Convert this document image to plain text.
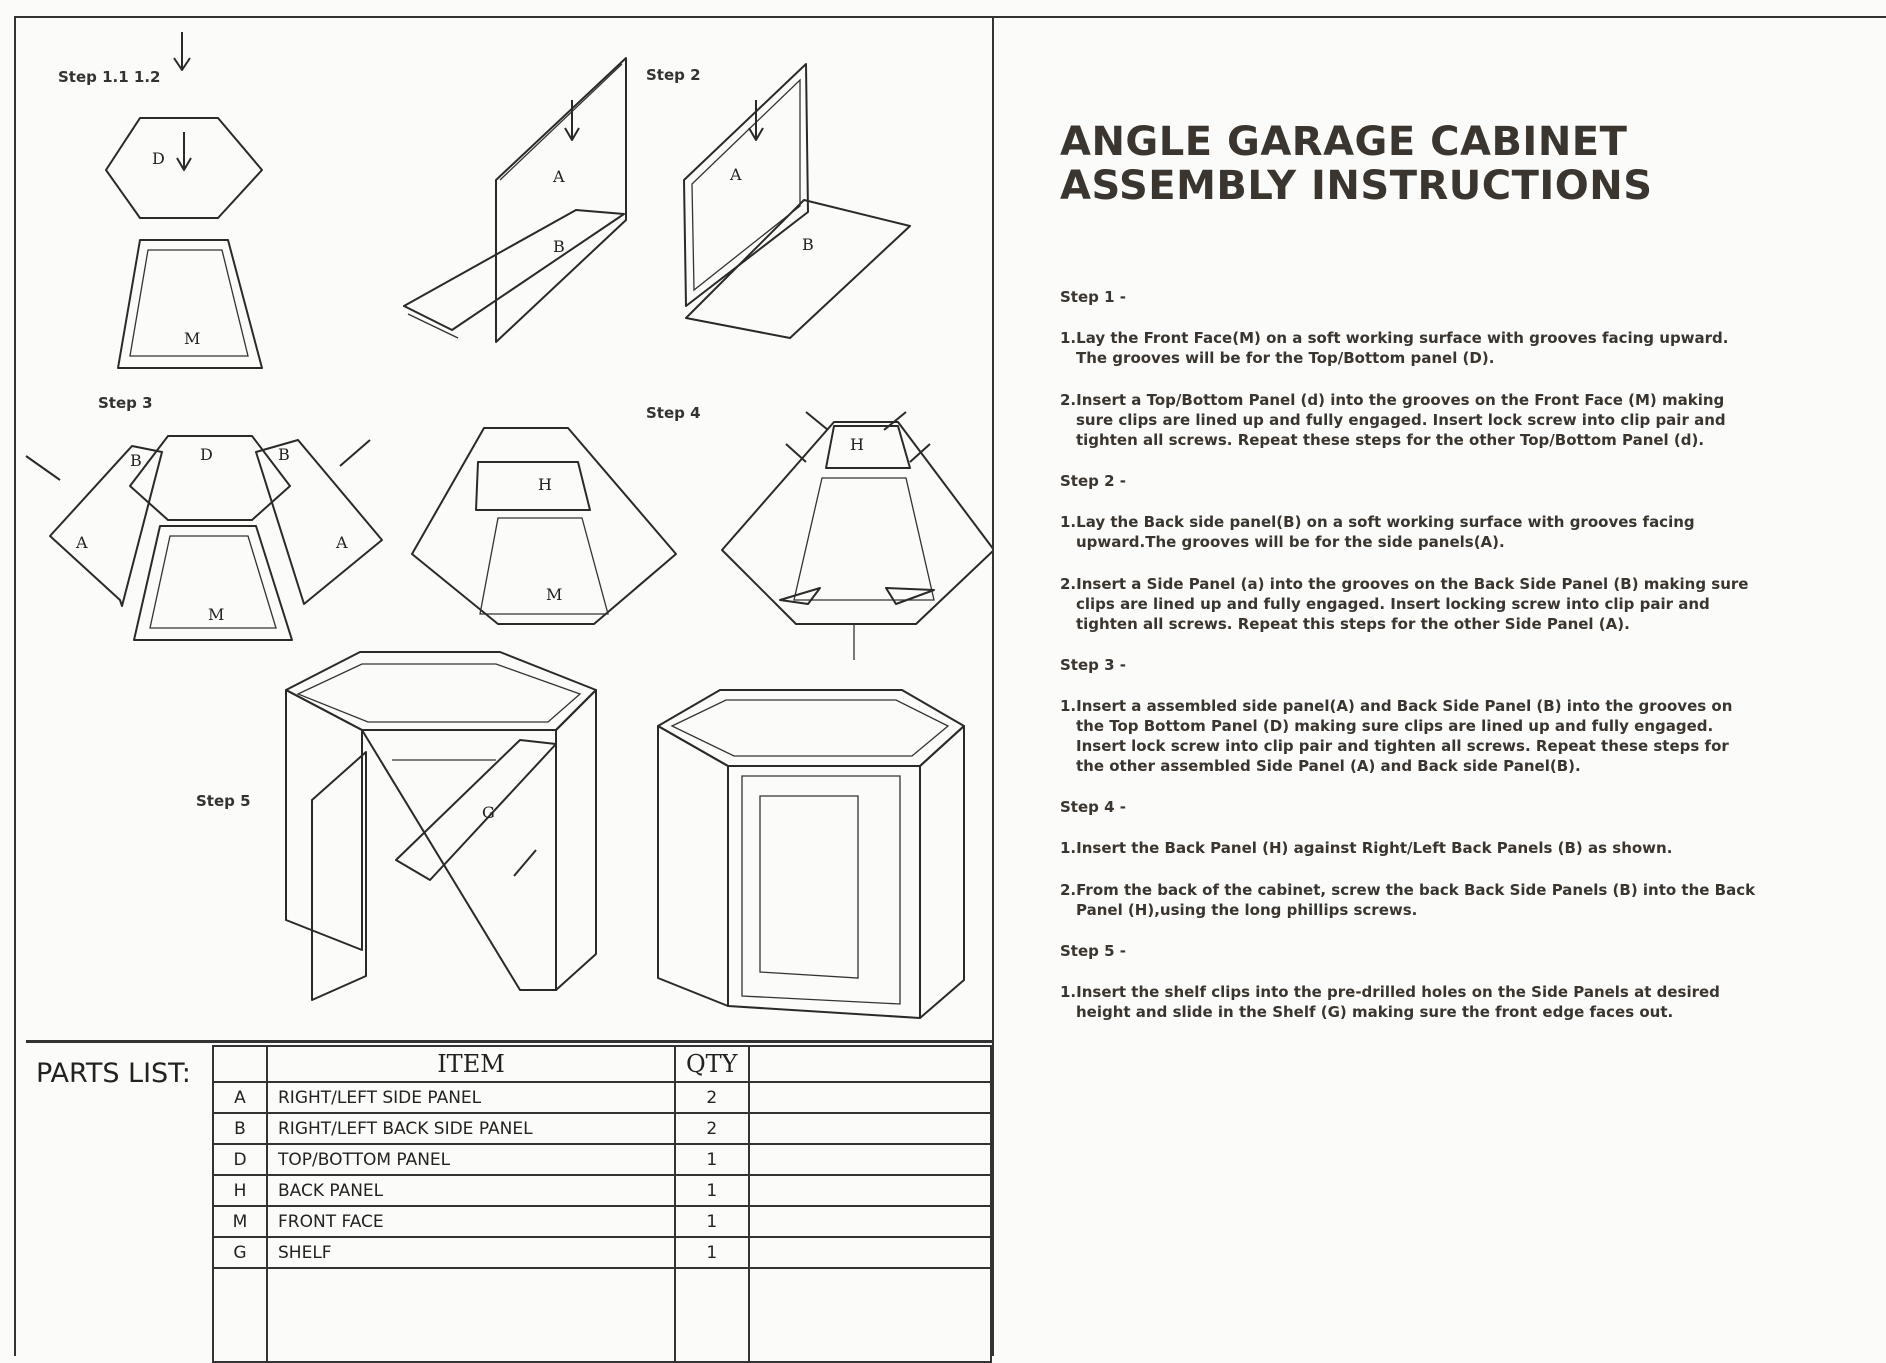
Step 1.1 1.2	Step 2
Step 3
Step 4
Step 5
D
M
A
B
A
B
D
M
A	A
B	B
H
M
H
G
PARTS LIST:
		ITEM	QTY	
A	RIGHT/LEFT SIDE PANEL	2	
B	RIGHT/LEFT BACK SIDE PANEL	2	
D	TOP/BOTTOM PANEL	1	
H	BACK PANEL	1	
M	FRONT FACE	1	
G	SHELF	1	

ANGLE GARAGE CABINET
ASSEMBLY INSTRUCTIONS
Step 1 -
1.Lay the Front Face(M) on a soft working surface with grooves facing upward. The grooves will be for the Top/Bottom panel (D).
2.Insert a Top/Bottom Panel (d) into the grooves on the Front Face (M) making sure clips are lined up and fully engaged. Insert lock screw into clip pair and tighten all screws. Repeat these steps for the other Top/Bottom Panel (d).
Step 2 -
1.Lay the Back side panel(B) on a soft working surface with grooves facing upward.The grooves will be for the side panels(A).
2.Insert a Side Panel (a) into the grooves on the Back Side Panel (B) making sure clips are lined up and fully engaged. Insert locking screw into clip pair and tighten all screws. Repeat this steps for the other Side Panel (A).
Step 3 -
1.Insert a assembled side panel(A) and Back Side Panel (B) into the grooves on the Top Bottom Panel (D) making sure clips are lined up and fully engaged. Insert lock screw into clip pair and tighten all screws. Repeat these steps for the other assembled Side Panel (A) and Back side Panel(B).
Step 4 -
1.Insert the Back Panel (H) against Right/Left Back Panels (B) as shown.
2.From the back of the cabinet, screw the back Back Side Panels (B) into the Back Panel (H),using the long phillips screws.
Step 5 -
1.Insert the shelf clips into the pre-drilled holes on the Side Panels at desired height and slide in the Shelf (G) making sure the front edge faces out.
